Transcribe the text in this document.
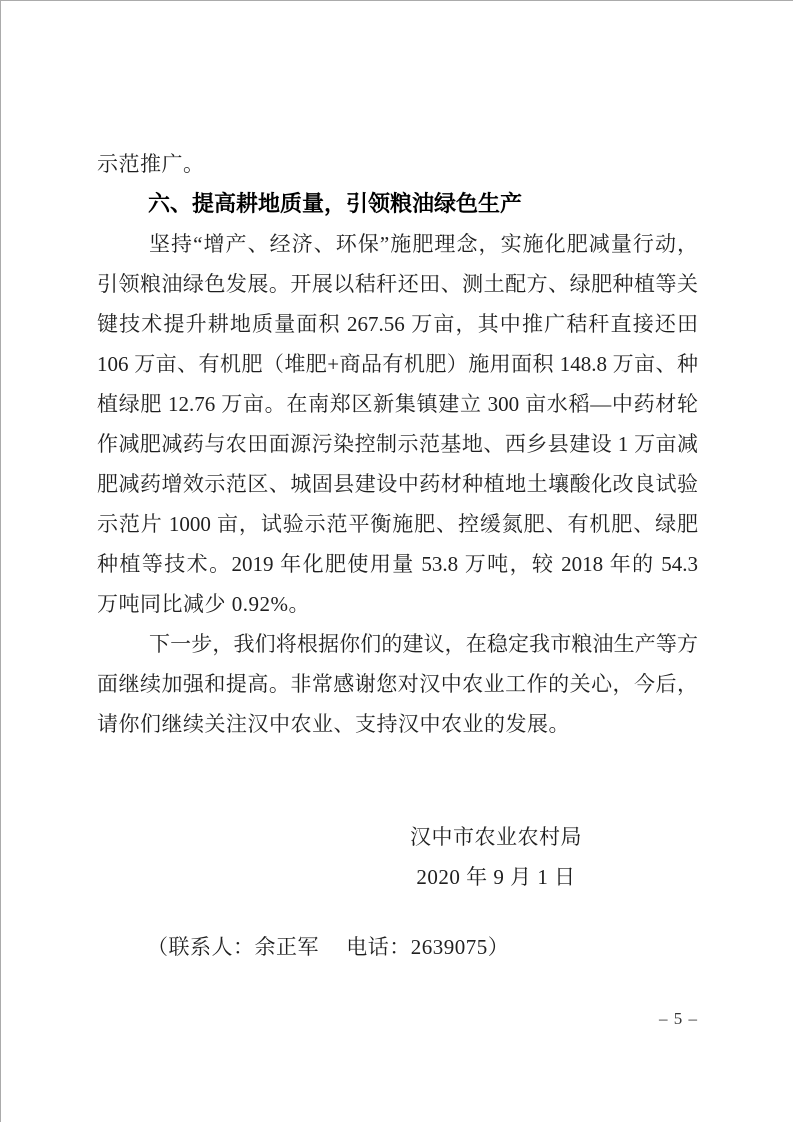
示范推广。
六、提高耕地质量，引领粮油绿色生产
坚持“增产、经济、环保”施肥理念，实施化肥减量行动，
引领粮油绿色发展。开展以秸秆还田、测土配方、绿肥种植等关
键技术提升耕地质量面积 267.56 万亩，其中推广秸秆直接还田
106 万亩、有机肥（堆肥+商品有机肥）施用面积 148.8 万亩、种
植绿肥 12.76 万亩。在南郑区新集镇建立 300 亩水稻—中药材轮
作减肥减药与农田面源污染控制示范基地、西乡县建设 1 万亩减
肥减药增效示范区、城固县建设中药材种植地土壤酸化改良试验
示范片 1000 亩，试验示范平衡施肥、控缓氮肥、有机肥、绿肥
种植等技术。2019 年化肥使用量 53.8 万吨，较 2018 年的 54.3
万吨同比减少 0.92%。
下一步，我们将根据你们的建议，在稳定我市粮油生产等方
面继续加强和提高。非常感谢您对汉中农业工作的关心，今后，
请你们继续关注汉中农业、支持汉中农业的发展。
汉中市农业农村局
2020 年 9 月 1 日
（联系人：余正军　 电话：2639075）
– 5 –
